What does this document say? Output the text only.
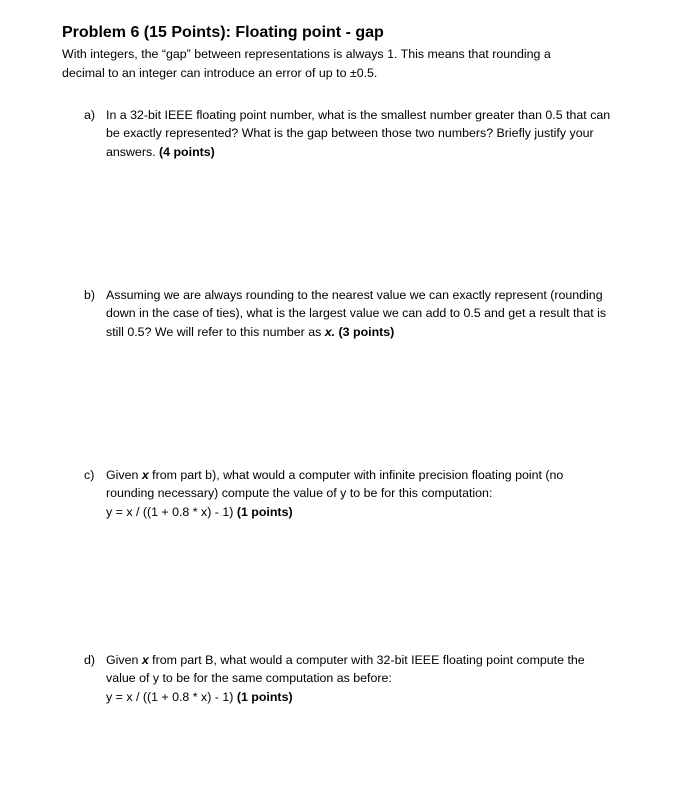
Problem 6 (15 Points): Floating point - gap
With integers, the “gap” between representations is always 1. This means that rounding a
decimal to an integer can introduce an error of up to ±0.5.
a) In a 32-bit IEEE floating point number, what is the smallest number greater than 0.5 that can
be exactly represented? What is the gap between those two numbers? Briefly justify your
answers. (4 points)
b) Assuming we are always rounding to the nearest value we can exactly represent (rounding
down in the case of ties), what is the largest value we can add to 0.5 and get a result that is
still 0.5? We will refer to this number as x. (3 points)
c) Given x from part b), what would a computer with infinite precision floating point (no
rounding necessary) compute the value of y to be for this computation:
y = x / ((1 + 0.8 * x) - 1) (1 points)
d) Given x from part B, what would a computer with 32-bit IEEE floating point compute the
value of y to be for the same computation as before:
y = x / ((1 + 0.8 * x) - 1) (1 points)
